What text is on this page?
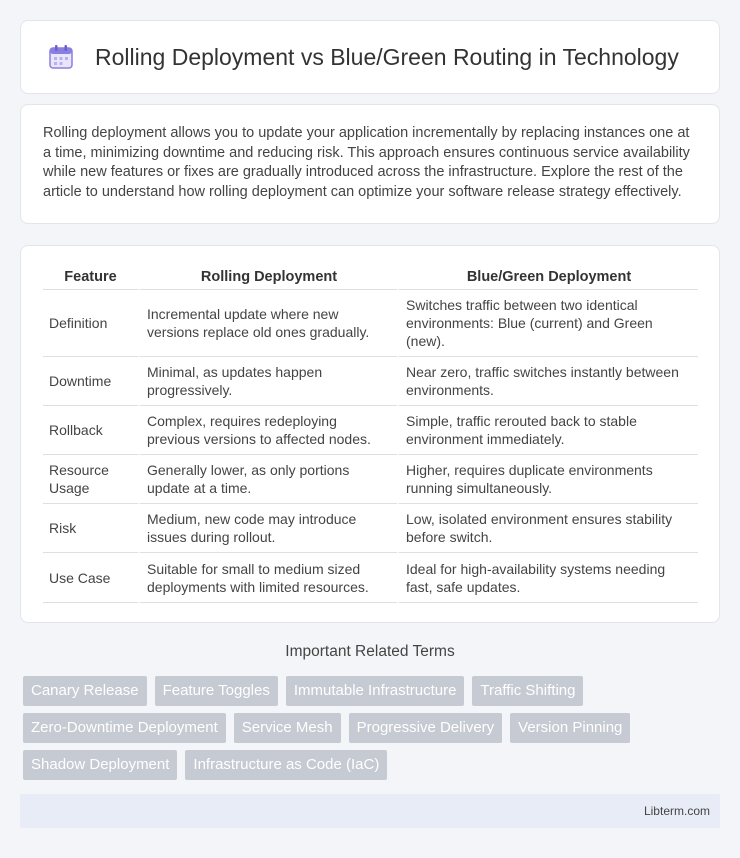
Rolling Deployment vs Blue/Green Routing in Technology

Rolling deployment allows you to update your application incrementally by replacing instances one at a time, minimizing downtime and reducing risk. This approach ensures continuous service availability while new features or fixes are gradually introduced across the infrastructure. Explore the rest of the article to understand how rolling deployment can optimize your software release strategy effectively.

Feature	Rolling Deployment	Blue/Green Deployment
Definition	Incremental update where new versions replace old ones gradually.	Switches traffic between two identical environments: Blue (current) and Green (new).
Downtime	Minimal, as updates happen progressively.	Near zero, traffic switches instantly between environments.
Rollback	Complex, requires redeploying previous versions to affected nodes.	Simple, traffic rerouted back to stable environment immediately.
Resource Usage	Generally lower, as only portions update at a time.	Higher, requires duplicate environments running simultaneously.
Risk	Medium, new code may introduce issues during rollout.	Low, isolated environment ensures stability before switch.
Use Case	Suitable for small to medium sized deployments with limited resources.	Ideal for high-availability systems needing fast, safe updates.
Important Related Terms
Canary Release	Feature Toggles	Immutable Infrastructure	Traffic Shifting
Zero-Downtime Deployment	Service Mesh	Progressive Delivery	Version Pinning
Shadow Deployment	Infrastructure as Code (IaC)
Libterm.com
